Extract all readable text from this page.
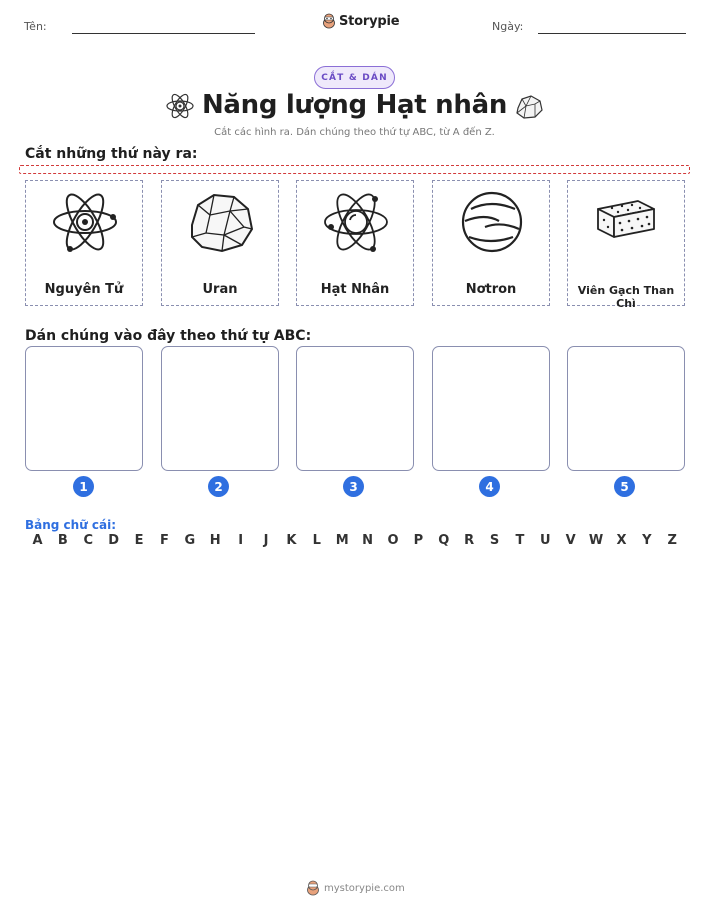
Tên:	Storypie	Ngày:
CẮT & DÁN
Năng lượng Hạt nhân
Cắt các hình ra. Dán chúng theo thứ tự ABC, từ A đến Z.
Cắt những thứ này ra:
Nguyên Tử	Uran	Hạt Nhân	Nơtron	Viên Gạch Than Chì
Dán chúng vào đây theo thứ tự ABC:
1	2	3	4	5
Bảng chữ cái:
A	B	C	D	E	F	G	H	I	J	K	L	M	N	O	P	Q	R	S	T	U	V	W	X	Y	Z
mystorypie.com
